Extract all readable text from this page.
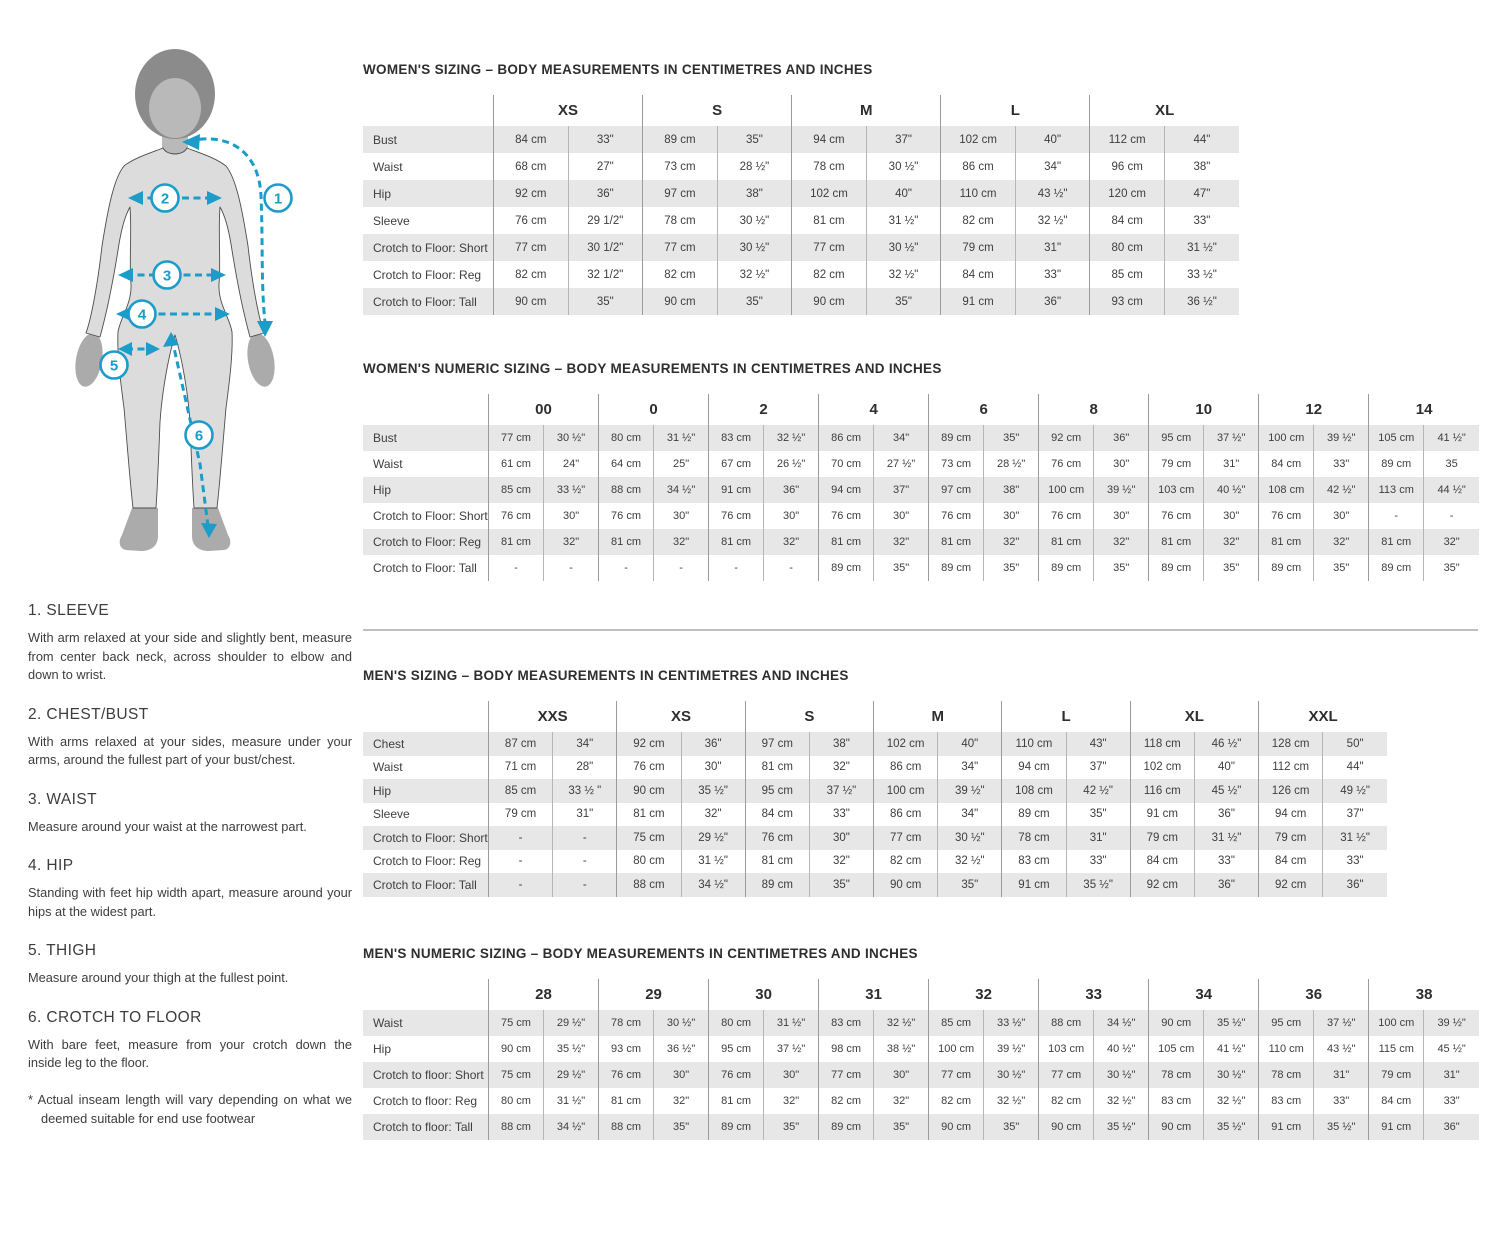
1
2
3
4
5
6
1. SLEEVE

With arm relaxed at your side and slightly bent, measure from center back neck, across shoulder to elbow and down to wrist.

2. CHEST/BUST

With arms relaxed at your sides, measure under your arms, around the fullest part of your bust/chest.

3. WAIST

Measure around your waist at the narrowest part.

4. HIP

Standing with feet hip width apart, measure around your hips at the widest part.

5. THIGH

Measure around your thigh at the fullest point.

6. CROTCH TO FLOOR

With bare feet, measure from your crotch down the inside leg to the floor.

* Actual inseam length will vary depending on what we deemed suitable for end use footwear

WOMEN'S SIZING – BODY MEASUREMENTS IN CENTIMETRES AND INCHES
	XS		S		M		L		XL	
Bust	84 cm	33"	89 cm	35"	94 cm	37"	102 cm	40"	112 cm	44"
Waist	68 cm	27"	73 cm	28 ½"	78 cm	30 ½"	86 cm	34"	96 cm	38"
Hip	92 cm	36"	97 cm	38"	102 cm	40"	110 cm	43 ½"	120 cm	47"
Sleeve	76 cm	29 1/2"	78 cm	30 ½"	81 cm	31 ½"	82 cm	32 ½"	84 cm	33"
Crotch to Floor: Short	77 cm	30 1/2"	77 cm	30 ½"	77 cm	30 ½"	79 cm	31"	80 cm	31 ½"
Crotch to Floor: Reg	82 cm	32 1/2"	82 cm	32 ½"	82 cm	32 ½"	84 cm	33"	85 cm	33 ½"
Crotch to Floor: Tall	90 cm	35"	90 cm	35"	90 cm	35"	91 cm	36"	93 cm	36 ½"
WOMEN'S NUMERIC SIZING – BODY MEASUREMENTS IN CENTIMETRES AND INCHES
	00		0		2		4		6		8		10		12		14	
Bust	77 cm	30 ½"	80 cm	31 ½"	83 cm	32 ½"	86 cm	34"	89 cm	35"	92 cm	36"	95 cm	37 ½"	100 cm	39 ½"	105 cm	41 ½"
Waist	61 cm	24"	64 cm	25"	67 cm	26 ½"	70 cm	27 ½"	73 cm	28 ½"	76 cm	30"	79 cm	31"	84 cm	33"	89 cm	35
Hip	85 cm	33 ½"	88 cm	34 ½"	91 cm	36"	94 cm	37"	97 cm	38"	100 cm	39 ½"	103 cm	40 ½"	108 cm	42 ½"	113 cm	44 ½"
Crotch to Floor: Short	76 cm	30"	76 cm	30"	76 cm	30"	76 cm	30"	76 cm	30"	76 cm	30"	76 cm	30"	76 cm	30"	-	-
Crotch to Floor: Reg	81 cm	32"	81 cm	32"	81 cm	32"	81 cm	32"	81 cm	32"	81 cm	32"	81 cm	32"	81 cm	32"	81 cm	32"
Crotch to Floor: Tall	-	-	-	-	-	-	89 cm	35"	89 cm	35"	89 cm	35"	89 cm	35"	89 cm	35"	89 cm	35"
MEN'S SIZING – BODY MEASUREMENTS IN CENTIMETRES AND INCHES
	XXS		XS		S		M		L		XL		XXL	
Chest	87 cm	34"	92 cm	36"	97 cm	38"	102 cm	40"	110 cm	43"	118 cm	46 ½"	128 cm	50"
Waist	71 cm	28"	76 cm	30"	81 cm	32"	86 cm	34"	94 cm	37"	102 cm	40"	112 cm	44"
Hip	85 cm	33 ½ "	90 cm	35 ½"	95 cm	37 ½"	100 cm	39 ½"	108 cm	42 ½"	116 cm	45 ½"	126 cm	49 ½"
Sleeve	79 cm	31"	81 cm	32"	84 cm	33"	86 cm	34"	89 cm	35"	91 cm	36"	94 cm	37"
Crotch to Floor: Short	-	-	75 cm	29 ½"	76 cm	30"	77 cm	30 ½"	78 cm	31"	79 cm	31 ½"	79 cm	31 ½"
Crotch to Floor: Reg	-	-	80 cm	31 ½"	81 cm	32"	82 cm	32 ½"	83 cm	33"	84 cm	33"	84 cm	33"
Crotch to Floor: Tall	-	-	88 cm	34 ½"	89 cm	35"	90 cm	35"	91 cm	35 ½"	92 cm	36"	92 cm	36"
MEN'S NUMERIC SIZING – BODY MEASUREMENTS IN CENTIMETRES AND INCHES
	28		29		30		31		32		33		34		36		38	
Waist	75 cm	29 ½"	78 cm	30 ½"	80 cm	31 ½"	83 cm	32 ½"	85 cm	33 ½"	88 cm	34 ½"	90 cm	35 ½"	95 cm	37 ½"	100 cm	39 ½"
Hip	90 cm	35 ½"	93 cm	36 ½"	95 cm	37 ½"	98 cm	38 ½"	100 cm	39 ½"	103 cm	40 ½"	105 cm	41 ½"	110 cm	43 ½"	115 cm	45 ½"
Crotch to floor: Short	75 cm	29 ½"	76 cm	30"	76 cm	30"	77 cm	30"	77 cm	30 ½"	77 cm	30 ½"	78 cm	30 ½"	78 cm	31"	79 cm	31"
Crotch to floor: Reg	80 cm	31 ½"	81 cm	32"	81 cm	32"	82 cm	32"	82 cm	32 ½"	82 cm	32 ½"	83 cm	32 ½"	83 cm	33"	84 cm	33"
Crotch to floor: Tall	88 cm	34 ½"	88 cm	35"	89 cm	35"	89 cm	35"	90 cm	35"	90 cm	35 ½"	90 cm	35 ½"	91 cm	35 ½"	91 cm	36"
